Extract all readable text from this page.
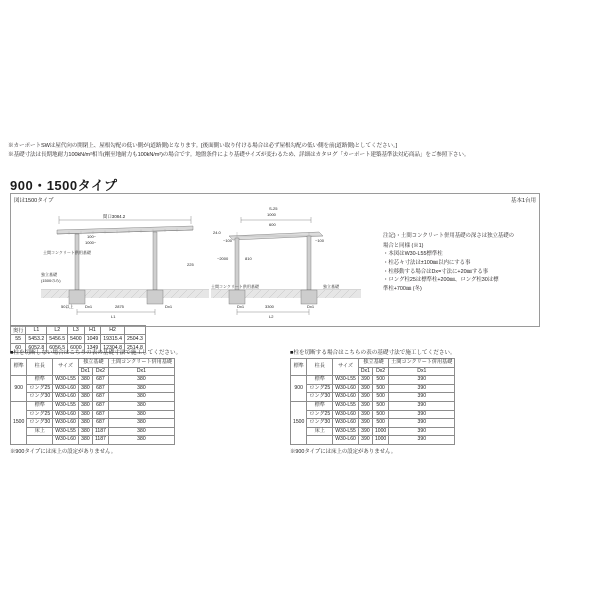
※カーポートSWは屋代向の開閉上、屋根勾配の低い側が(道路側)となります。[後面側い取り付ける場合は必ず屋根勾配の低い側を前(道路側)としてください。]
※基礎寸法は長期地耐力100kN/m²相当(剛至地耐力も100kN/m²)の場合です。地盤条件により基礎サイズが変わるため、詳細はカタログ「カーポート建築基準法対応商品」をご参照下さい。
900・1500タイプ
図は1500タイプ	基本1台用
間口3084.2
土間コンクリート供用基礎
独立基礎
(1500のみ)
1000~
100~
225
50以上	2875
Dx1	Dx1
L1
S-25
1000
600
24.0
~100
~2000	810
~100
土間コンクリート供用基礎	独立基礎
3300
Dx1	Dx1
L2
注記)・土間コンクリート併用基礎の深さは独立基礎の
場合と同様 (※1)
・本図はW30-L55標準柱
・柱芯々寸法は±100㎜以内にする事
・柱移動する場合はDx=寸法に+20㎜する事
・ロング柱25は標準柱+200㎜、ロング柱30は標
準柱+700㎜ (冬)
奥行	L1	L2	L3	H1	H2	
55	5453.2	5456.5	5400	1049	19315.4	2504.3
60	6052.8	6056.5	6000	1349	12304.8	2514.8
■柱を切断しない場合はこちらの表の基礎寸法で施工してください。
標準	柱長	サイズ	独立基礎		土間コンクリート併用基礎
			Dx1	Dx2	Dx1
900	標準	W30-L55	380	687	380
	ロング25	W30-L60	380	687	380
	ロング30	W30-L60	380	687	380
1500	標準	W30-L55	380	687	380
	ロング25	W30-L60	380	687	380
	ロング30	W30-L60	380	687	380
	床上	W30-L55	380	1187	380
		W30-L60	380	1187	380
※900タイプには床上の設定がありません。
■柱を切断する場合はこちらの表の基礎寸法で施工してください。
標準	柱長	サイズ	独立基礎		土間コンクリート併用基礎
			Dx1	Dx2	Dx1
900	標準	W30-L55	390	500	390
	ロング25	W30-L60	390	500	390
	ロング30	W30-L60	390	500	390
1500	標準	W30-L55	390	500	390
	ロング25	W30-L60	390	500	390
	ロング30	W30-L60	390	500	390
	床上	W30-L55	390	1000	390
		W30-L60	390	1000	390
※900タイプには床上の設定がありません。
